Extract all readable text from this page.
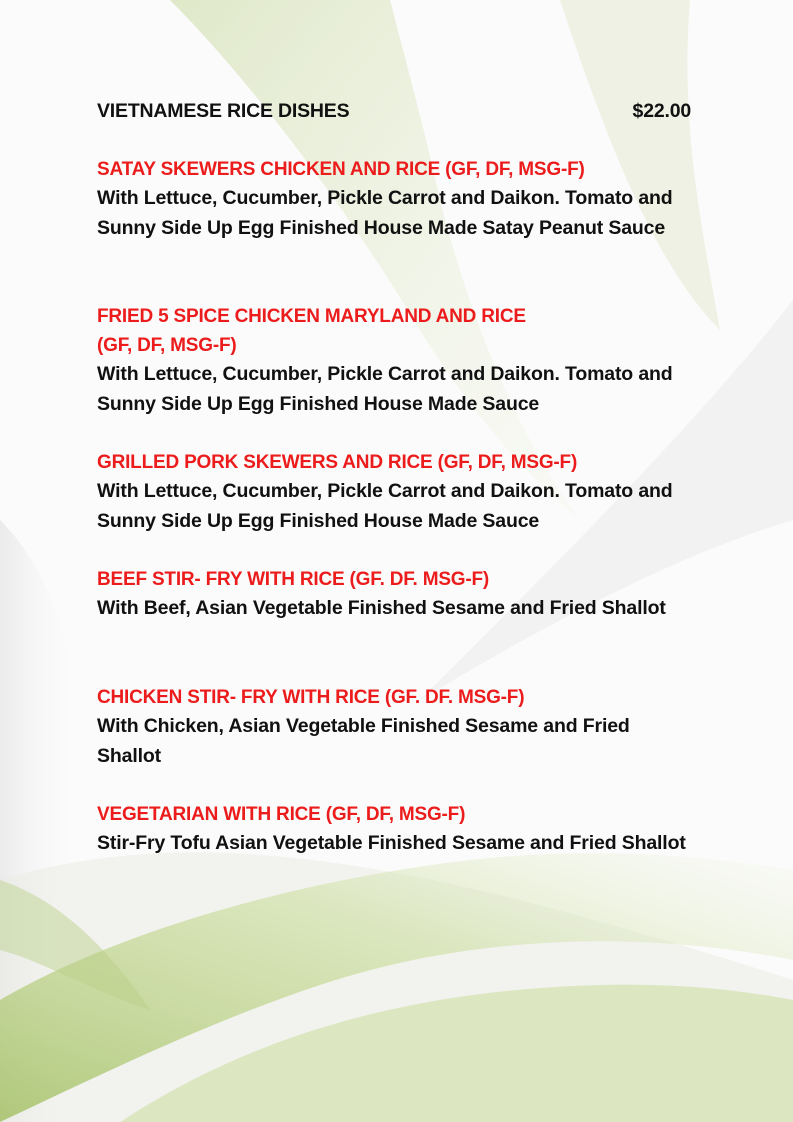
VIETNAMESE RICE DISHES	$22.00
SATAY SKEWERS CHICKEN AND RICE (GF, DF, MSG-F)
With Lettuce, Cucumber, Pickle Carrot and Daikon. Tomato and Sunny Side Up Egg Finished House Made Satay Peanut Sauce
FRIED 5 SPICE CHICKEN MARYLAND AND RICE
(GF, DF, MSG-F)
With Lettuce, Cucumber, Pickle Carrot and Daikon. Tomato and Sunny Side Up Egg Finished House Made Sauce
GRILLED PORK SKEWERS AND RICE (GF, DF, MSG-F)
With Lettuce, Cucumber, Pickle Carrot and Daikon. Tomato and Sunny Side Up Egg Finished House Made Sauce
BEEF STIR- FRY WITH RICE (GF. DF. MSG-F)
With Beef, Asian Vegetable Finished Sesame and Fried Shallot
CHICKEN STIR- FRY WITH RICE (GF. DF. MSG-F)
With Chicken, Asian Vegetable Finished Sesame and Fried Shallot
VEGETARIAN WITH RICE (GF, DF, MSG-F)
Stir-Fry Tofu Asian Vegetable Finished Sesame and Fried Shallot
